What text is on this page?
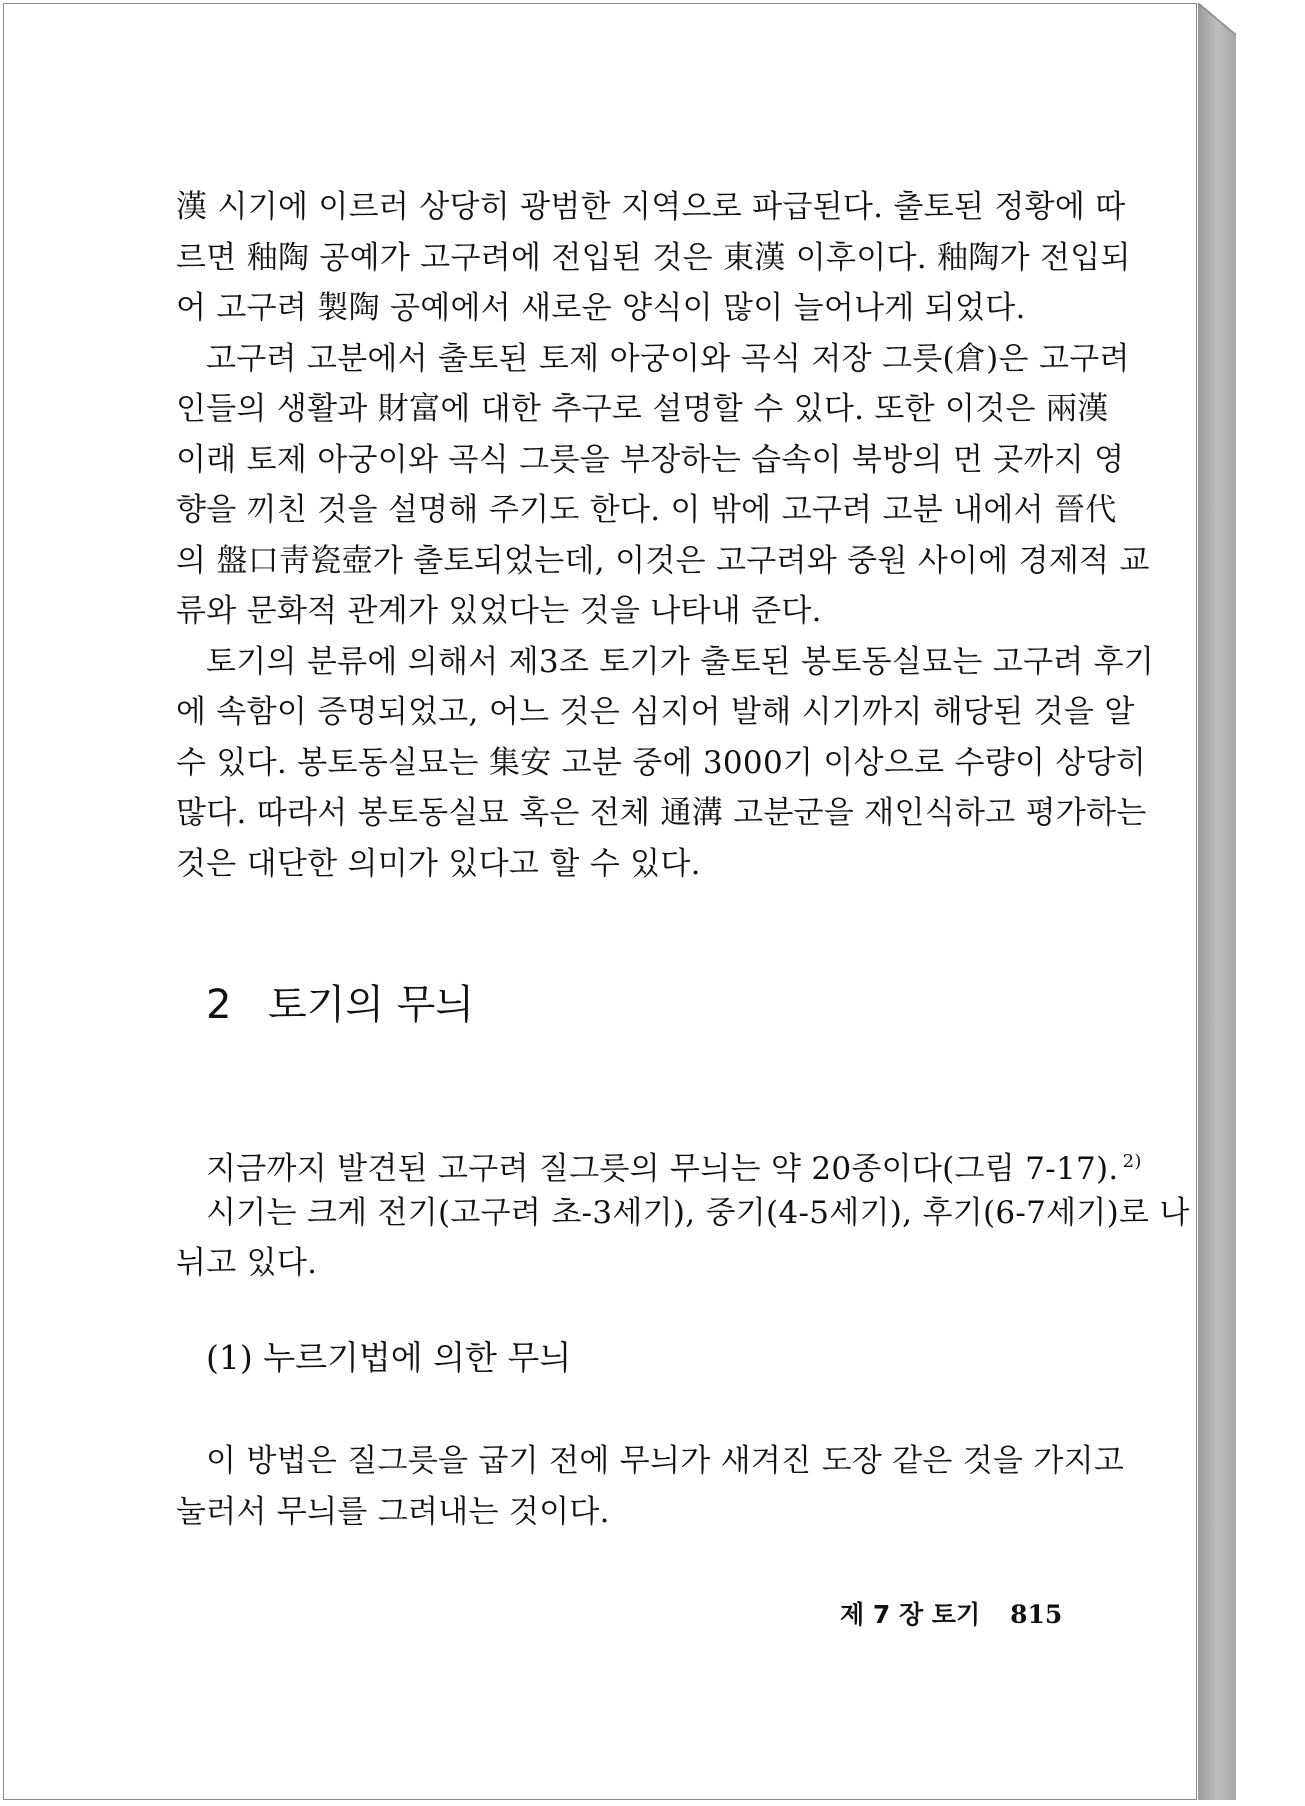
漢 시기에 이르러 상당히 광범한 지역으로 파급된다. 출토된 정황에 따
르면 釉陶 공예가 고구려에 전입된 것은 東漢 이후이다. 釉陶가 전입되
어 고구려 製陶 공예에서 새로운 양식이 많이 늘어나게 되었다.
고구려 고분에서 출토된 토제 아궁이와 곡식 저장 그릇(倉)은 고구려
인들의 생활과 財富에 대한 추구로 설명할 수 있다. 또한 이것은 兩漢
이래 토제 아궁이와 곡식 그릇을 부장하는 습속이 북방의 먼 곳까지 영
향을 끼친 것을 설명해 주기도 한다. 이 밖에 고구려 고분 내에서 晉代
의 盤口靑瓷壺가 출토되었는데, 이것은 고구려와 중원 사이에 경제적 교
류와 문화적 관계가 있었다는 것을 나타내 준다.
토기의 분류에 의해서 제3조 토기가 출토된 봉토동실묘는 고구려 후기
에 속함이 증명되었고, 어느 것은 심지어 발해 시기까지 해당된 것을 알
수 있다. 봉토동실묘는 集安 고분 중에 3000기 이상으로 수량이 상당히
많다. 따라서 봉토동실묘 혹은 전체 通溝 고분군을 재인식하고 평가하는
것은 대단한 의미가 있다고 할 수 있다.
2 토기의 무늬
지금까지 발견된 고구려 질그릇의 무늬는 약 20종이다(그림 7-17). $^{2)}$
시기는 크게 전기(고구려 초-3세기), 중기(4-5세기), 후기(6-7세기)로 나
뉘고 있다.
(1) 누르기법에 의한 무늬
이 방법은 질그릇을 굽기 전에 무늬가 새겨진 도장 같은 것을 가지고
눌러서 무늬를 그려내는 것이다.
제 7 장 토기 815
